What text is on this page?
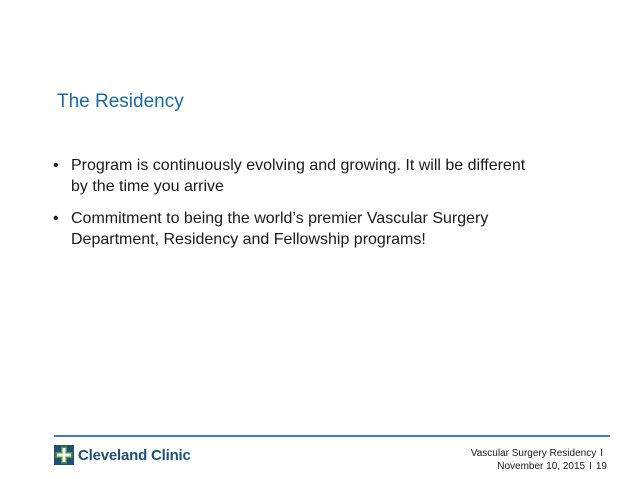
The Residency
• Program is continuously evolving and growing. It will be different by the time you arrive
• Commitment to being the world’s premier Vascular Surgery Department, Residency and Fellowship programs!
Cleveland Clinic	Vascular Surgery Residency I
November 10, 2015 I 19
